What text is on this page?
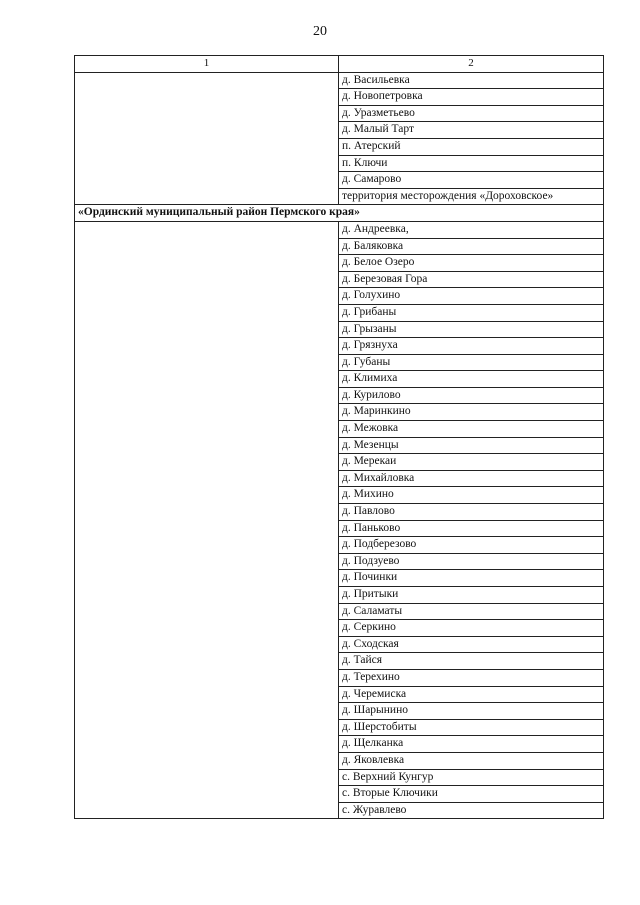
20
1	2
	д. Васильевка
	д. Новопетровка
	д. Уразметьево
	д. Малый Тарт
	п. Атерский
	п. Ключи
	д. Самарово
	территория месторождения «Дороховское»
«Ординский муниципальный район Пермского края»	
	д. Андреевка,
	д. Баляковка
	д. Белое Озеро
	д. Березовая Гора
	д. Голухино
	д. Грибаны
	д. Грызаны
	д. Грязнуха
	д. Губаны
	д. Климиха
	д. Курилово
	д. Маринкино
	д. Межовка
	д. Мезенцы
	д. Мерекаи
	д. Михайловка
	д. Михино
	д. Павлово
	д. Паньково
	д. Подберезово
	д. Подзуево
	д. Починки
	д. Притыки
	д. Саламаты
	д. Серкино
	д. Сходская
	д. Тайся
	д. Терехино
	д. Черемиска
	д. Шарынино
	д. Шерстобиты
	д. Щелканка
	д. Яковлевка
	с. Верхний Кунгур
	с. Вторые Ключики
	с. Журавлево
